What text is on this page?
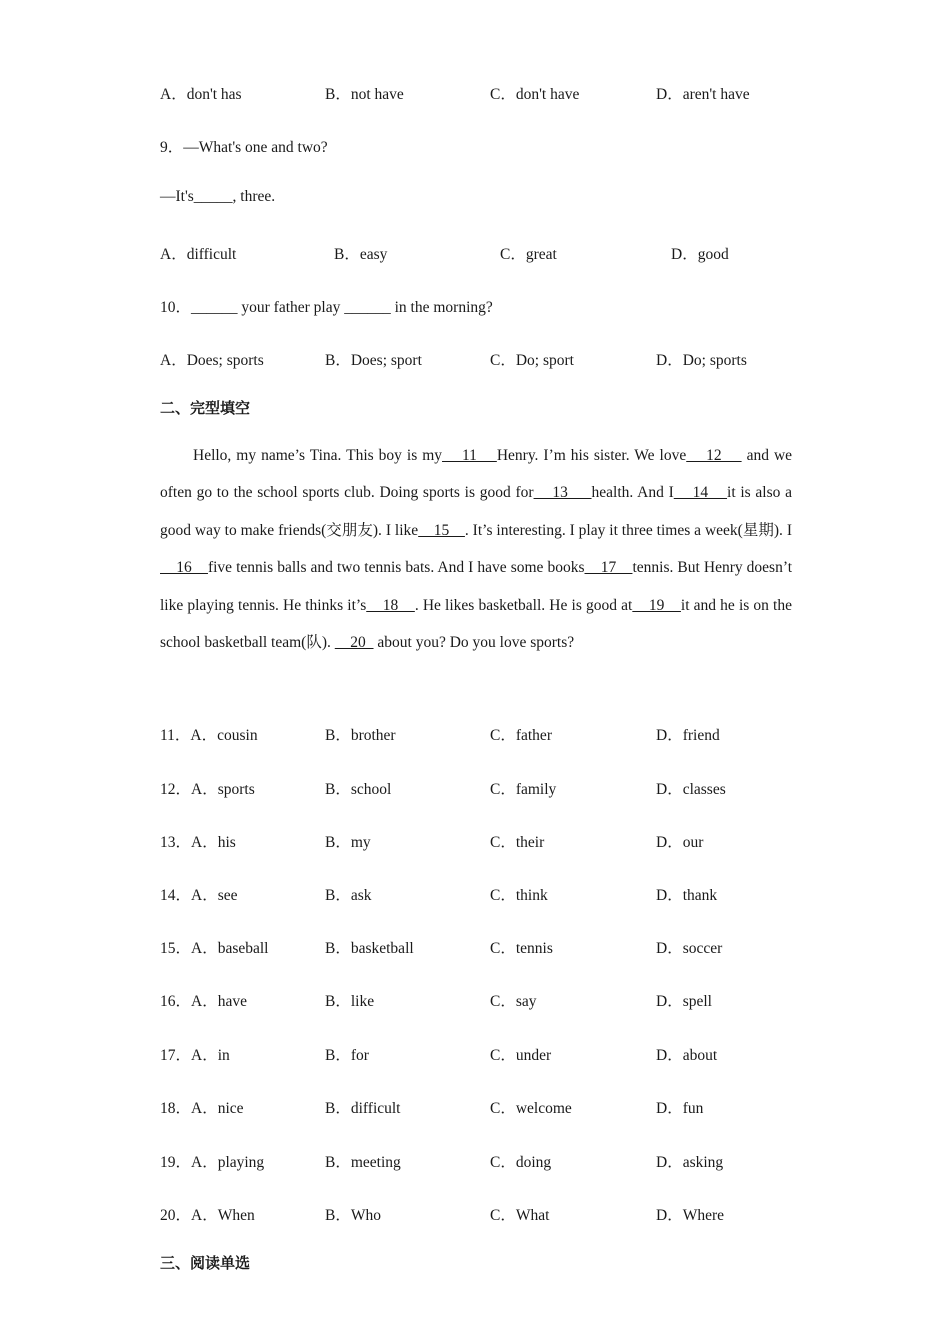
A．don't has	B．not have	C．don't have	D．aren't have
9．—What's one and two?
—It's_____, three.
A．difficult	B．easy	C．great	D．good
10．______ your father play ______ in the morning?
A．Does; sports	B．Does; sport	C．Do; sport	D．Do; sports
二、完型填空

Hello, my name’s Tina. This boy is my    11    Henry. I’m his sister. We love    12     and we often go to the school sports club. Doing sports is good for    13     health. And I    14    it is also a good way to make friends(交朋友). I like    15    . It’s interesting. I play it three times a week(星期). I    16    five tennis balls and two tennis bats. And I have some books    17    tennis. But Henry doesn’t like playing tennis. He thinks it’s    18    . He likes basketball. He is good at    19    it and he is on the school basketball team(队).     20   about you? Do you love sports?

11．A．cousin	B．brother	C．father	D．friend
12．A．sports	B．school	C．family	D．classes
13．A．his	B．my	C．their	D．our
14．A．see	B．ask	C．think	D．thank
15．A．baseball	B．basketball	C．tennis	D．soccer
16．A．have	B．like	C．say	D．spell
17．A．in	B．for	C．under	D．about
18．A．nice	B．difficult	C．welcome	D．fun
19．A．playing	B．meeting	C．doing	D．asking
20．A．When	B．Who	C．What	D．Where
三、阅读单选
